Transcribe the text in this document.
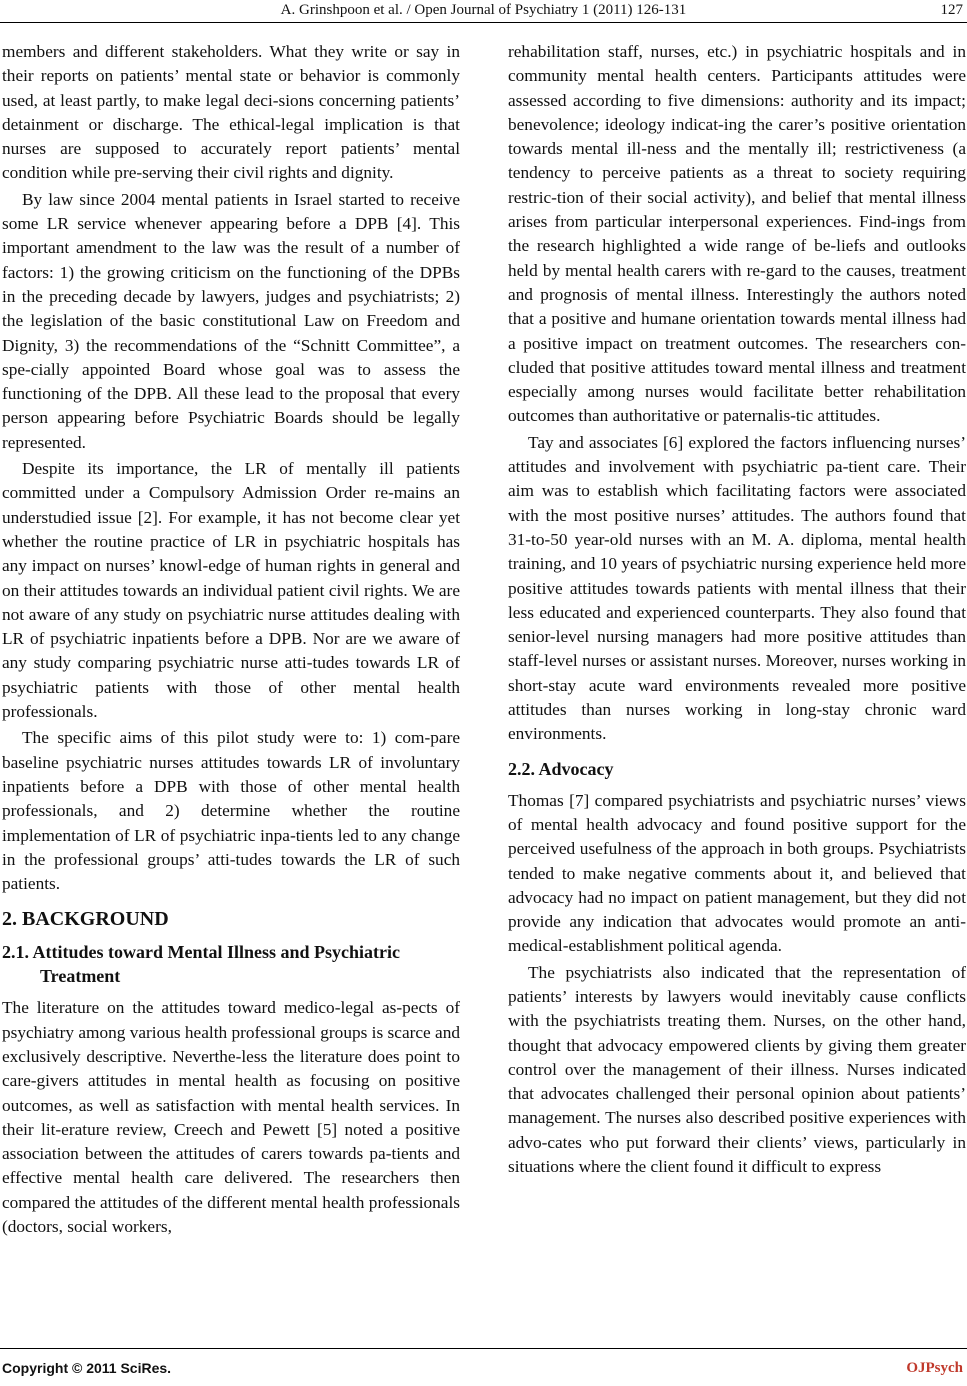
A. Grinshpoon et al. / Open Journal of Psychiatry 1 (2011) 126-131	127

members and different stakeholders. What they write or say in their reports on patients’ mental state or behavior is commonly used, at least partly, to make legal deci-sions concerning patients’ detainment or discharge. The ethical-legal implication is that nurses are supposed to accurately report patients’ mental condition while pre-serving their civil rights and dignity.

By law since 2004 mental patients in Israel started to receive some LR service whenever appearing before a DPB [4]. This important amendment to the law was the result of a number of factors: 1) the growing criticism on the functioning of the DPBs in the preceding decade by lawyers, judges and psychiatrists; 2) the legislation of the basic constitutional Law on Freedom and Dignity, 3) the recommendations of the “Schnitt Committee”, a spe-cially appointed Board whose goal was to assess the functioning of the DPB. All these lead to the proposal that every person appearing before Psychiatric Boards should be legally represented.

Despite its importance, the LR of mentally ill patients committed under a Compulsory Admission Order re-mains an understudied issue [2]. For example, it has not become clear yet whether the routine practice of LR in psychiatric hospitals has any impact on nurses’ knowl-edge of human rights in general and on their attitudes towards an individual patient civil rights. We are not aware of any study on psychiatric nurse attitudes dealing with LR of psychiatric inpatients before a DPB. Nor are we aware of any study comparing psychiatric nurse atti-tudes towards LR of psychiatric patients with those of other mental health professionals.

The specific aims of this pilot study were to: 1) com-pare baseline psychiatric nurses attitudes towards LR of involuntary inpatients before a DPB with those of other mental health professionals, and 2) determine whether the routine implementation of LR of psychiatric inpa-tients led to any change in the professional groups’ atti-tudes towards the LR of such patients.

2. BACKGROUND
2.1. Attitudes toward Mental Illness and Psychiatric Treatment

The literature on the attitudes toward medico-legal as-pects of psychiatry among various health professional groups is scarce and exclusively descriptive. Neverthe-less the literature does point to care-givers attitudes in mental health as focusing on positive outcomes, as well as satisfaction with mental health services. In their lit-erature review, Creech and Pewett [5] noted a positive association between the attitudes of carers towards pa-tients and effective mental health care delivered. The researchers then compared the attitudes of the different mental health professionals (doctors, social workers,

rehabilitation staff, nurses, etc.) in psychiatric hospitals and in community mental health centers. Participants attitudes were assessed according to five dimensions: authority and its impact; benevolence; ideology indicat-ing the carer’s positive orientation towards mental ill-ness and the mentally ill; restrictiveness (a tendency to perceive patients as a threat to society requiring restric-tion of their social activity), and belief that mental illness arises from particular interpersonal experiences. Find-ings from the research highlighted a wide range of be-liefs and outlooks held by mental health carers with re-gard to the causes, treatment and prognosis of mental illness. Interestingly the authors noted that a positive and humane orientation towards mental illness had a positive impact on treatment outcomes. The researchers con-cluded that positive attitudes toward mental illness and treatment especially among nurses would facilitate better rehabilitation outcomes than authoritative or paternalis-tic attitudes.

Tay and associates [6] explored the factors influencing nurses’ attitudes and involvement with psychiatric pa-tient care. Their aim was to establish which facilitating factors were associated with the most positive nurses’ attitudes. The authors found that 31-to-50 year-old nurses with an M. A. diploma, mental health training, and 10 years of psychiatric nursing experience held more positive attitudes towards patients with mental illness that their less educated and experienced counterparts. They also found that senior-level nursing managers had more positive attitudes than staff-level nurses or assistant nurses. Moreover, nurses working in short-stay acute ward environments revealed more positive attitudes than nurses working in long-stay chronic ward environments.

2.2. Advocacy

Thomas [7] compared psychiatrists and psychiatric nurses’ views of mental health advocacy and found positive support for the perceived usefulness of the approach in both groups. Psychiatrists tended to make negative comments about it, and believed that advocacy had no impact on patient management, but they did not provide any indication that advocates would promote an anti-medical-establishment political agenda.

The psychiatrists also indicated that the representation of patients’ interests by lawyers would inevitably cause conflicts with the psychiatrists treating them. Nurses, on the other hand, thought that advocacy empowered clients by giving them greater control over the management of their illness. Nurses indicated that advocates challenged their personal opinion about patients’ management. The nurses also described positive experiences with advo-cates who put forward their clients’ views, particularly in situations where the client found it difficult to express

Copyright © 2011 SciRes.	OJPsych
